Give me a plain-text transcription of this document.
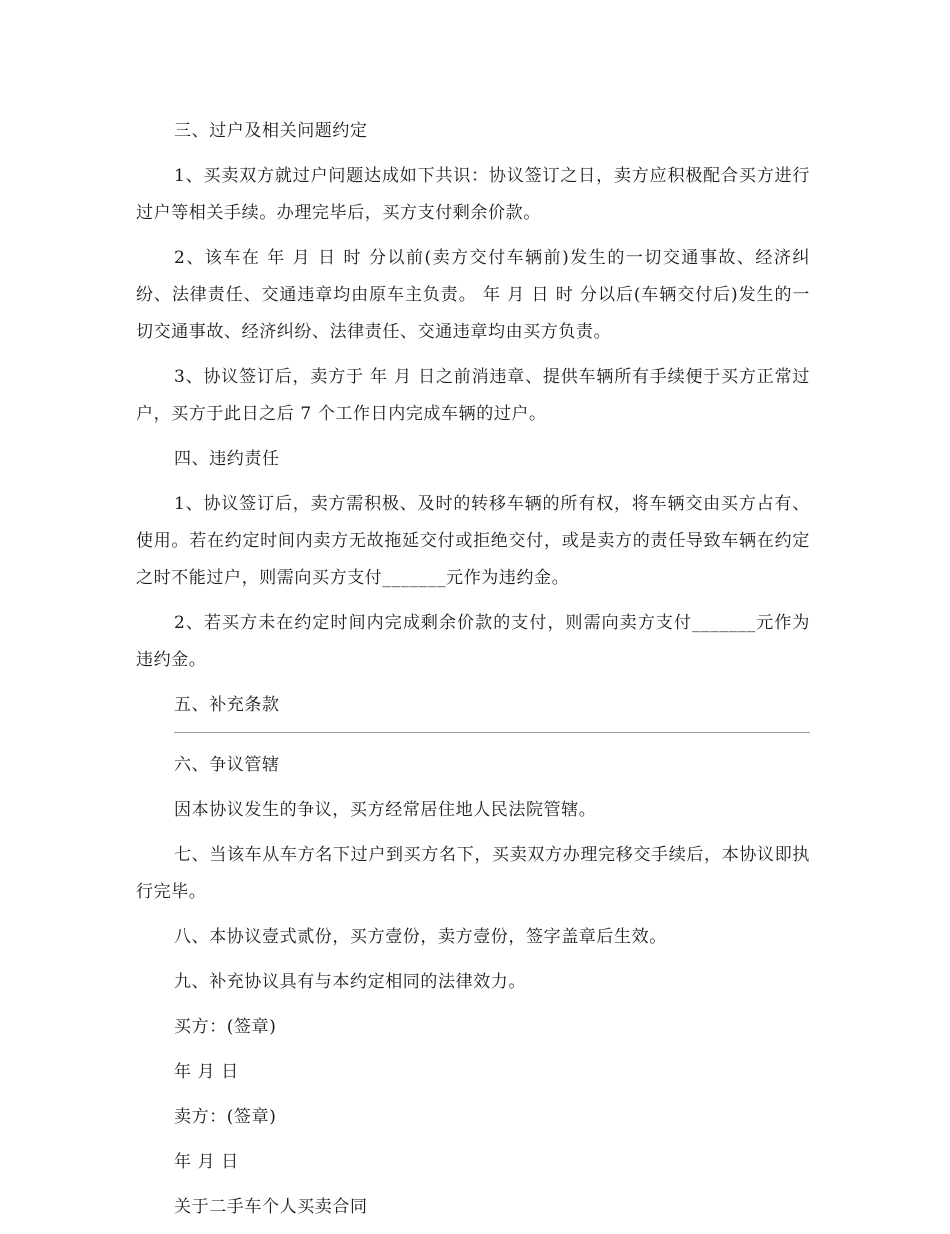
三、过户及相关问题约定

1、买卖双方就过户问题达成如下共识：协议签订之日，卖方应积极配合买方进行过户等相关手续。办理完毕后，买方支付剩余价款。

2、该车在 年 月 日 时 分以前(卖方交付车辆前)发生的一切交通事故、经济纠纷、法律责任、交通违章均由原车主负责。 年 月 日 时 分以后(车辆交付后)发生的一切交通事故、经济纠纷、法律责任、交通违章均由买方负责。

3、协议签订后，卖方于 年 月 日之前消违章、提供车辆所有手续便于买方正常过户，买方于此日之后 7 个工作日内完成车辆的过户。

四、违约责任

1、协议签订后，卖方需积极、及时的转移车辆的所有权，将车辆交由买方占有、使用。若在约定时间内卖方无故拖延交付或拒绝交付，或是卖方的责任导致车辆在约定之时不能过户，则需向买方支付_______元作为违约金。

2、若买方未在约定时间内完成剩余价款的支付，则需向卖方支付_______元作为违约金。

五、补充条款

六、争议管辖

因本协议发生的争议，买方经常居住地人民法院管辖。

七、当该车从车方名下过户到买方名下，买卖双方办理完移交手续后，本协议即执行完毕。

八、本协议壹式贰份，买方壹份，卖方壹份，签字盖章后生效。

九、补充协议具有与本约定相同的法律效力。

买方：(签章)

年 月 日

卖方：(签章)

年 月 日

关于二手车个人买卖合同
